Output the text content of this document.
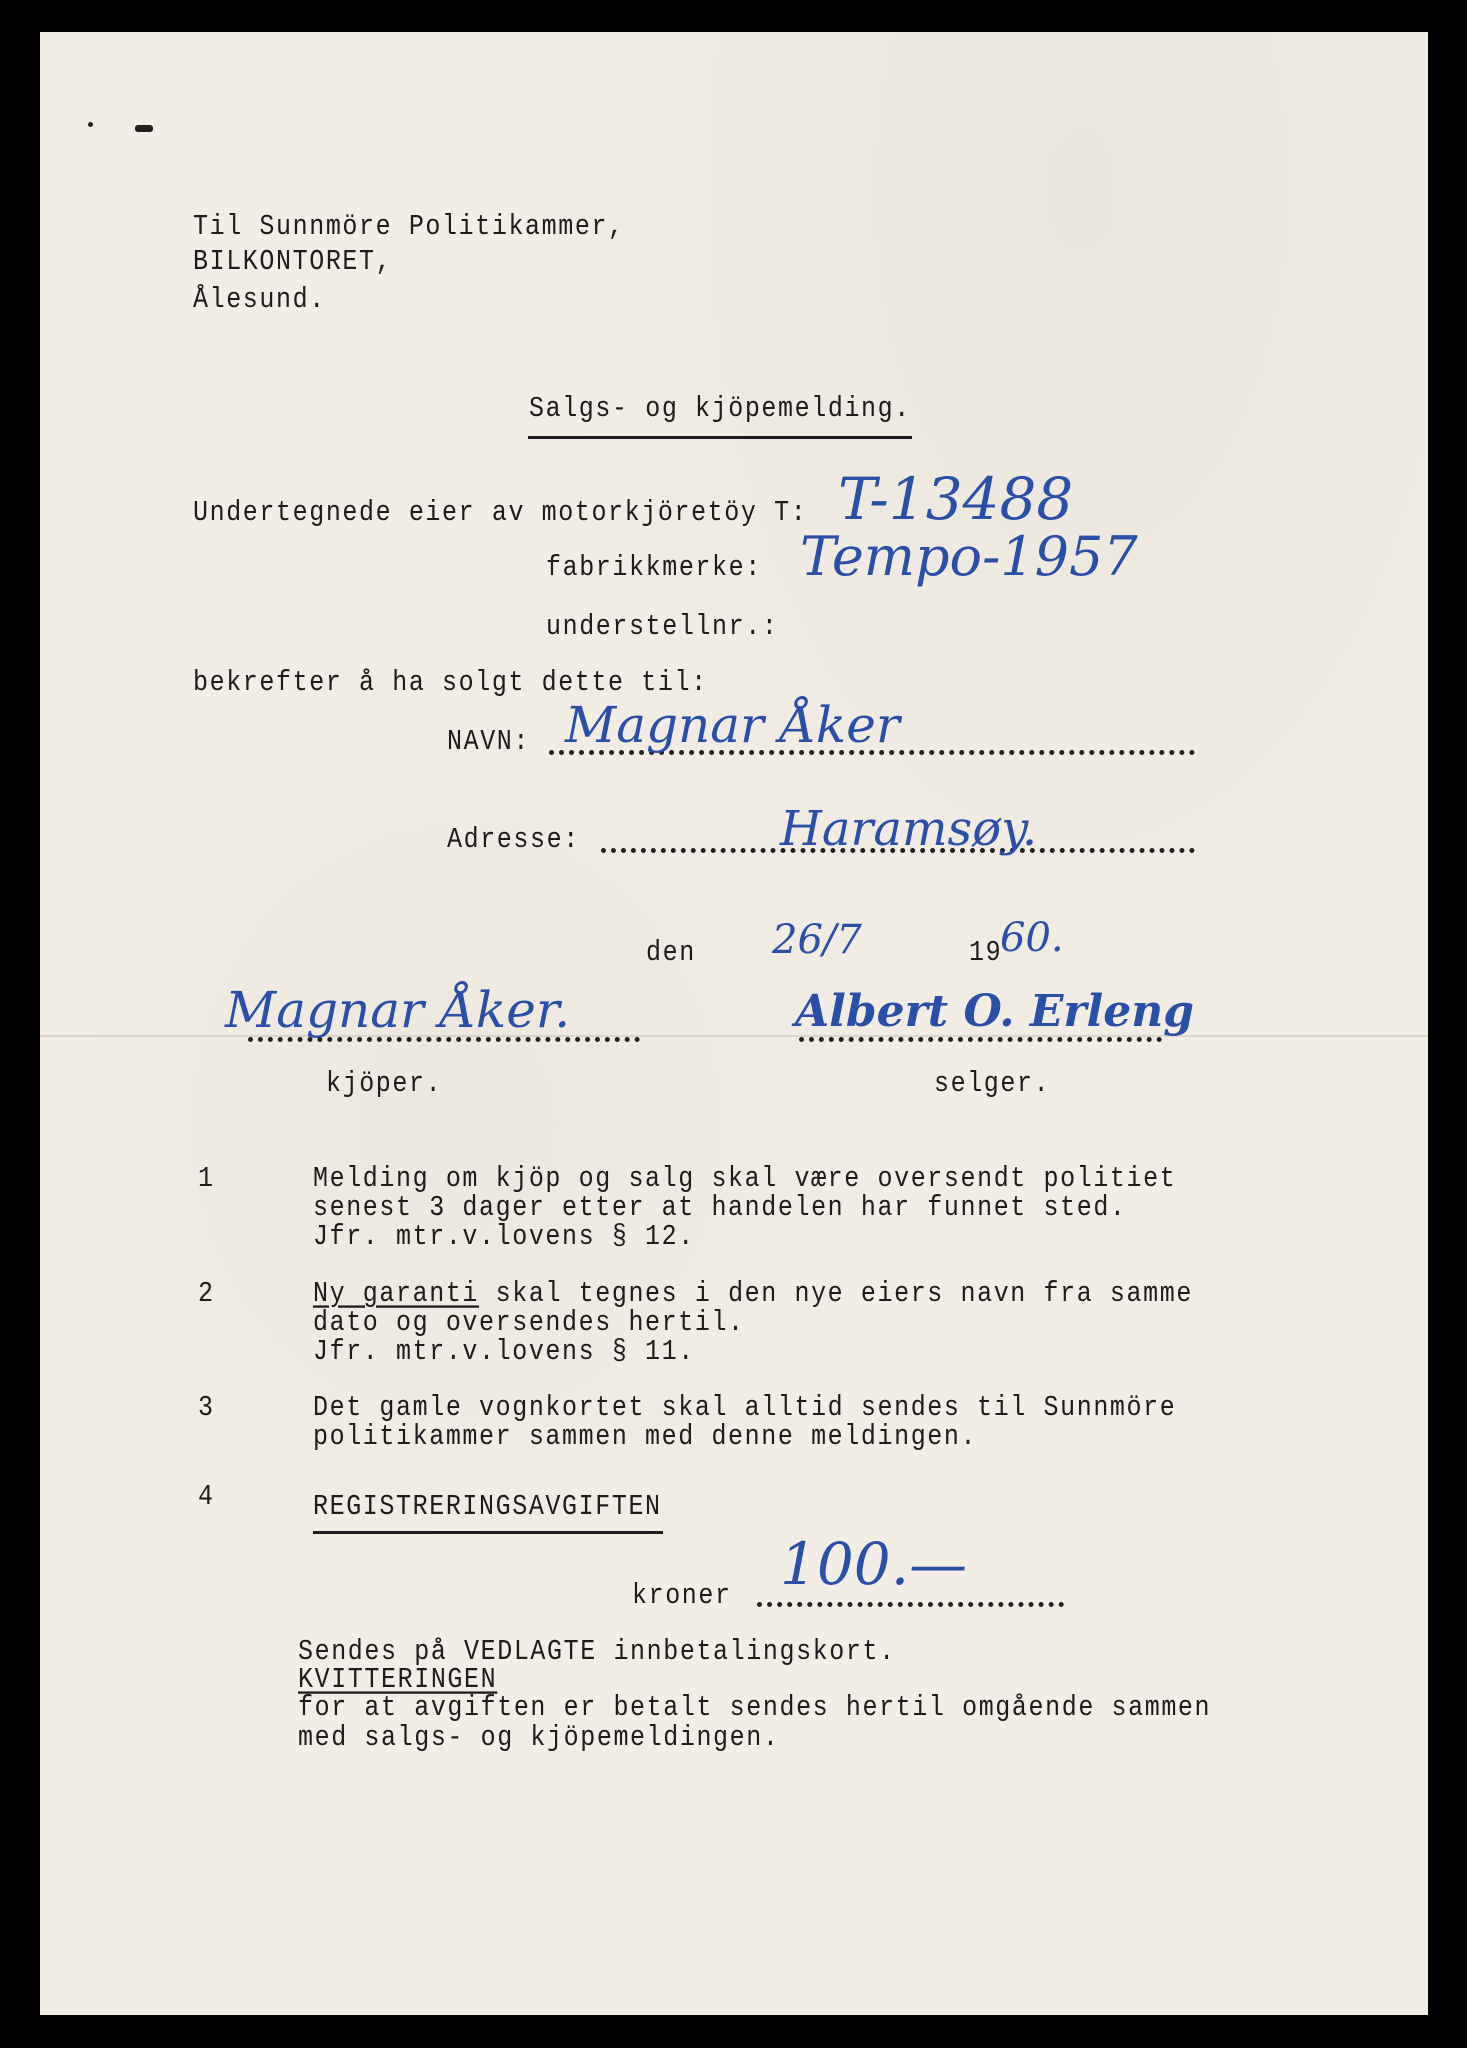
Til Sunnmöre Politikammer,
BILKONTORET,
Ålesund.
Salgs- og kjöpemelding.
Undertegnede eier av motorkjöretöy T: T-13488
fabrikkmerke: Tempo-1957
understellnr.:
bekrefter å ha solgt dette til:
NAVN: Magnar Åker
Adresse:	Haramsøy.
den 26/7	19
60.
Magnar Åker.
kjöper.
Albert O. Erleng
selger.
1	Melding om kjöp og salg skal være oversendt politiet
senest 3 dager etter at handelen har funnet sted.
Jfr. mtr.v.lovens § 12.
2	Ny garanti skal tegnes i den nye eiers navn fra samme
dato og oversendes hertil.
Jfr. mtr.v.lovens § 11.
3	Det gamle vognkortet skal alltid sendes til Sunnmöre
politikammer sammen med denne meldingen.
4	REGISTRERINGSAVGIFTEN
kroner 100.—
Sendes på VEDLAGTE innbetalingskort.
KVITTERINGEN
for at avgiften er betalt sendes hertil omgående sammen
med salgs- og kjöpemeldingen.
